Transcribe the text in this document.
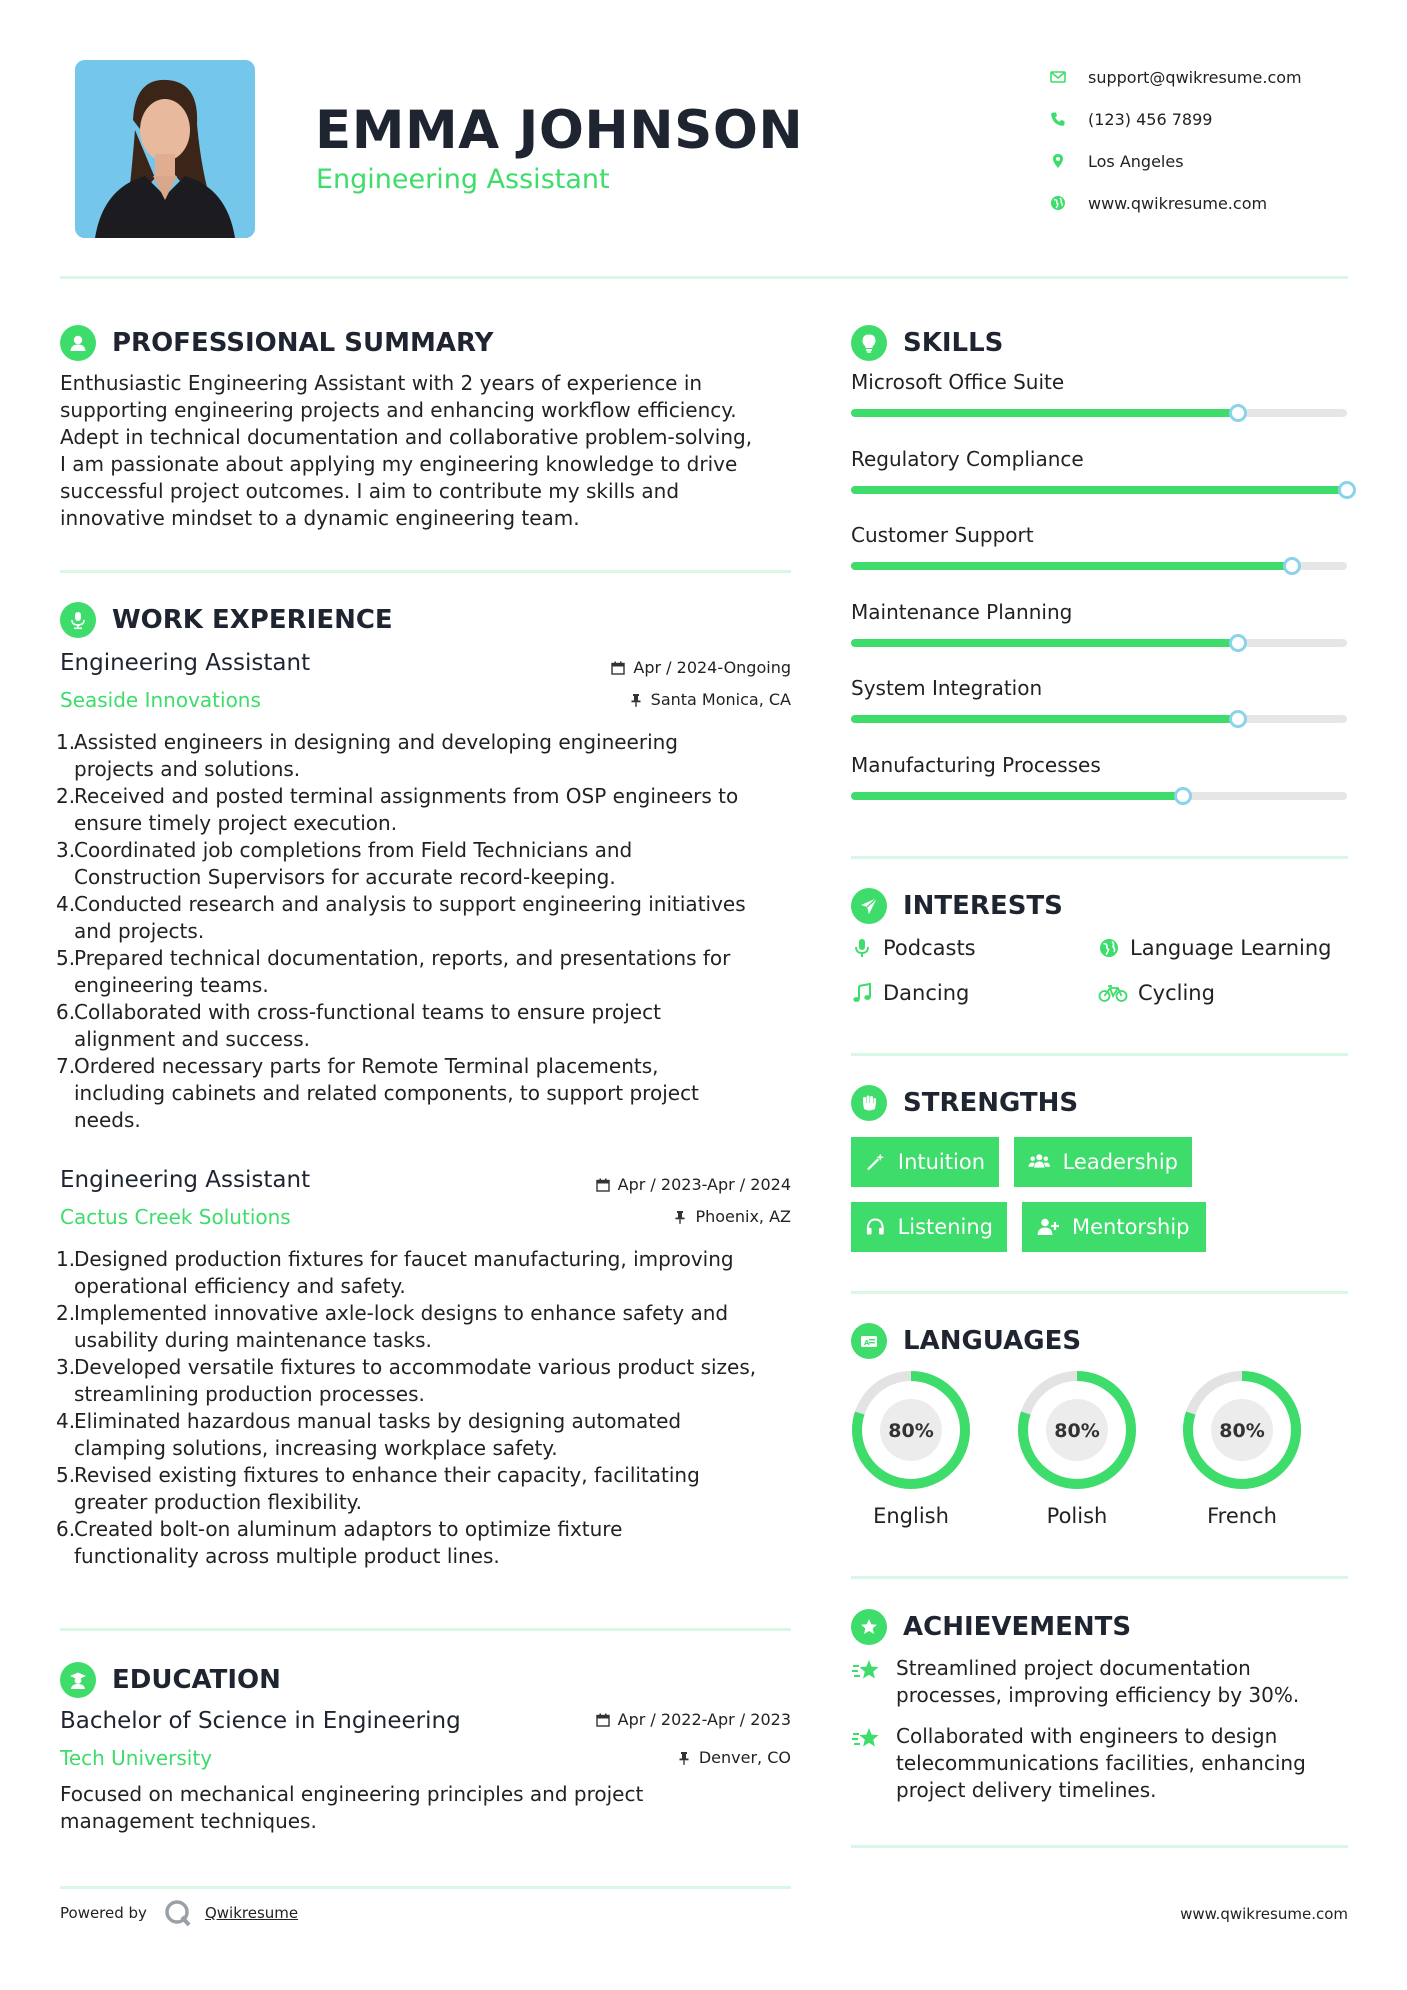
EMMA JOHNSON
Engineering Assistant
support@qwikresume.com
(123) 456 7899
Los Angeles
www.qwikresume.com
PROFESSIONAL SUMMARY
Enthusiastic Engineering Assistant with 2 years of experience in
supporting engineering projects and enhancing workflow efficiency.
Adept in technical documentation and collaborative problem-solving,
I am passionate about applying my engineering knowledge to drive
successful project outcomes. I aim to contribute my skills and
innovative mindset to a dynamic engineering team.
WORK EXPERIENCE
Engineering Assistant
Seaside Innovations
Apr / 2024-Ongoing
Santa Monica, CA
1.
Assisted engineers in designing and developing engineering
projects and solutions.
2.
Received and posted terminal assignments from OSP engineers to
ensure timely project execution.
3.
Coordinated job completions from Field Technicians and
Construction Supervisors for accurate record-keeping.
4.
Conducted research and analysis to support engineering initiatives
and projects.
5.
Prepared technical documentation, reports, and presentations for
engineering teams.
6.
Collaborated with cross-functional teams to ensure project
alignment and success.
7.
Ordered necessary parts for Remote Terminal placements,
including cabinets and related components, to support project
needs.
Engineering Assistant
Cactus Creek Solutions
Apr / 2023-Apr / 2024
Phoenix, AZ
1.
Designed production fixtures for faucet manufacturing, improving
operational efficiency and safety.
2.
Implemented innovative axle-lock designs to enhance safety and
usability during maintenance tasks.
3.
Developed versatile fixtures to accommodate various product sizes,
streamlining production processes.
4.
Eliminated hazardous manual tasks by designing automated
clamping solutions, increasing workplace safety.
5.
Revised existing fixtures to enhance their capacity, facilitating
greater production flexibility.
6.
Created bolt-on aluminum adaptors to optimize fixture
functionality across multiple product lines.
EDUCATION
Bachelor of Science in Engineering
Tech University
Apr / 2022-Apr / 2023
Denver, CO
Focused on mechanical engineering principles and project
management techniques.
SKILLS
Microsoft Office Suite
Regulatory Compliance
Customer Support
Maintenance Planning
System Integration
Manufacturing Processes
INTERESTS
Podcasts	Language Learning
Dancing	Cycling
STRENGTHS
Intuition	Leadership
Listening	Mentorship
A LANGUAGES
80%
English
80%
Polish
80%
French
ACHIEVEMENTS
Streamlined project documentation
processes, improving efficiency by 30%.
Collaborated with engineers to design
telecommunications facilities, enhancing
project delivery timelines.
Powered by	Qwikresume	www.qwikresume.com
